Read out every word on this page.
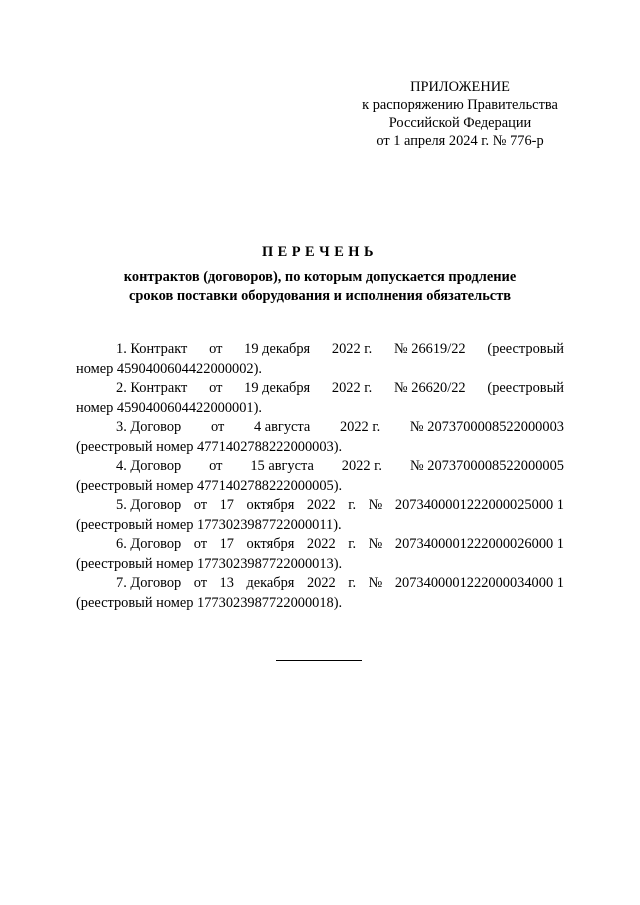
ПРИЛОЖЕНИЕ
к распоряжению Правительства
Российской Федерации
от 1 апреля 2024 г. № 776-р
ПЕРЕЧЕНЬ
контрактов (договоров), по которым допускается продление
сроков поставки оборудования и исполнения обязательств
1. Контракт от 19 декабря 2022 г. № 26619/22 (реестровый
номер 4590400604422000002).
2. Контракт от 19 декабря 2022 г. № 26620/22 (реестровый
номер 4590400604422000001).
3. Договор от 4 августа 2022 г. № 2073700008522000003
(реестровый номер 4771402788222000003).
4. Договор от 15 августа 2022 г. № 2073700008522000005
(реестровый номер 4771402788222000005).
5. Договор от 17 октября 2022 г. № 2073400001222000025000 1
(реестровый номер 1773023987722000011).
6. Договор от 17 октября 2022 г. № 2073400001222000026000 1
(реестровый номер 1773023987722000013).
7. Договор от 13 декабря 2022 г. № 2073400001222000034000 1
(реестровый номер 1773023987722000018).
